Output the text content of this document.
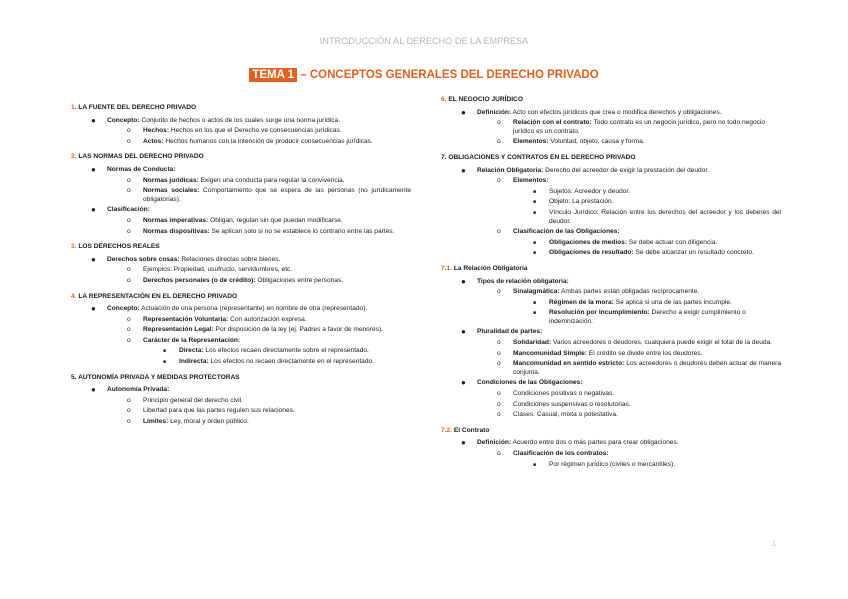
INTRODUCCIÓN AL DERECHO DE LA EMPRESA
TEMA 1 – CONCEPTOS GENERALES DEL DERECHO PRIVADO
1. LA FUENTE DEL DERECHO PRIVADO
● Concepto: Conjunto de hechos o actos de los cuales surge una norma jurídica.
o Hechos: Hechos en los que el Derecho ve consecuencias jurídicas.
o Actos: Hechos humanos con la intención de producir consecuencias jurídicas.
2. LAS NORMAS DEL DERECHO PRIVADO
● Normas de Conducta:
o Normas jurídicas: Exigen una conducta para regular la convivencia.
o Normas sociales: Comportamiento que se espera de las personas (no jurídicamente obligatorias).
● Clasificación:
o Normas imperativas: Obligan, regulan sin que puedan modificarse.
o Normas dispositivas: Se aplican solo si no se establece lo contrario entre las partes.
3. LOS DERECHOS REALES
● Derechos sobre cosas: Relaciones directas sobre bienes.
o Ejemplos: Propiedad, usufructo, servidumbres, etc.
o Derechos personales (o de crédito): Obligaciones entre personas.
4. LA REPRESENTACIÓN EN EL DERECHO PRIVADO
● Concepto: Actuación de una persona (representante) en nombre de otra (representado).
o Representación Voluntaria: Con autorización expresa.
o Representación Legal: Por disposición de la ley (ej. Padres a favor de menores).
o Carácter de la Representación:
■ Directa: Los efectos recaen directamente sobre el representado.
■ Indirecta: Los efectos no recaen directamente en el representado.
5. AUTONOMÍA PRIVADA Y MEDIDAS PROTECTORAS
● Autonomía Privada:
o Principio general del derecho civil.
o Libertad para que las partes regulen sus relaciones.
o Límites: Ley, moral y orden público.
6. EL NEGOCIO JURÍDICO
● Definición: Acto con efectos jurídicos que crea o modifica derechos y obligaciones.
o Relación con el contrato: Todo contrato es un negocio jurídico, pero no todo negocio jurídico es un contrato.
o Elementos: Voluntad, objeto, causa y forma.
7. OBLIGACIONES Y CONTRATOS EN EL DERECHO PRIVADO
● Relación Obligatoria: Derecho del acreedor de exigir la prestación del deudor.
o Elementos:
■ Sujetos: Acreedor y deudor.
■ Objeto: La prestación.
■ Vínculo Jurídico: Relación entre los derechos del acreedor y los deberes del deudor.
o Clasificación de las Obligaciones:
■ Obligaciones de medios: Se debe actuar con diligencia.
■ Obligaciones de resultado: Se debe alcanzar un resultado concreto.
7.1. La Relación Obligatoria
● Tipos de relación obligatoria:
o Sinalagmática: Ambas partes están obligadas recíprocamente.
■ Régimen de la mora: Se aplica si una de las partes incumple.
■ Resolución por incumplimiento: Derecho a exigir cumplimiento o indemnización.
● Pluralidad de partes:
o Solidaridad: Varios acreedores o deudores, cualquiera puede exigir el total de la deuda.
o Mancomunidad Simple: El crédito se divide entre los deudores.
o Mancomunidad en sentido estricto: Los acreedores o deudores deben actuar de manera conjunta.
● Condiciones de las Obligaciones:
o Condiciones positivas o negativas.
o Condiciones suspensivas o resolutorias.
o Clases: Casual, mixta o potestativa.
7.2. El Contrato
● Definición: Acuerdo entre dos o más partes para crear obligaciones.
o Clasificación de los contratos:
■ Por régimen jurídico (civiles o mercantiles).
1
